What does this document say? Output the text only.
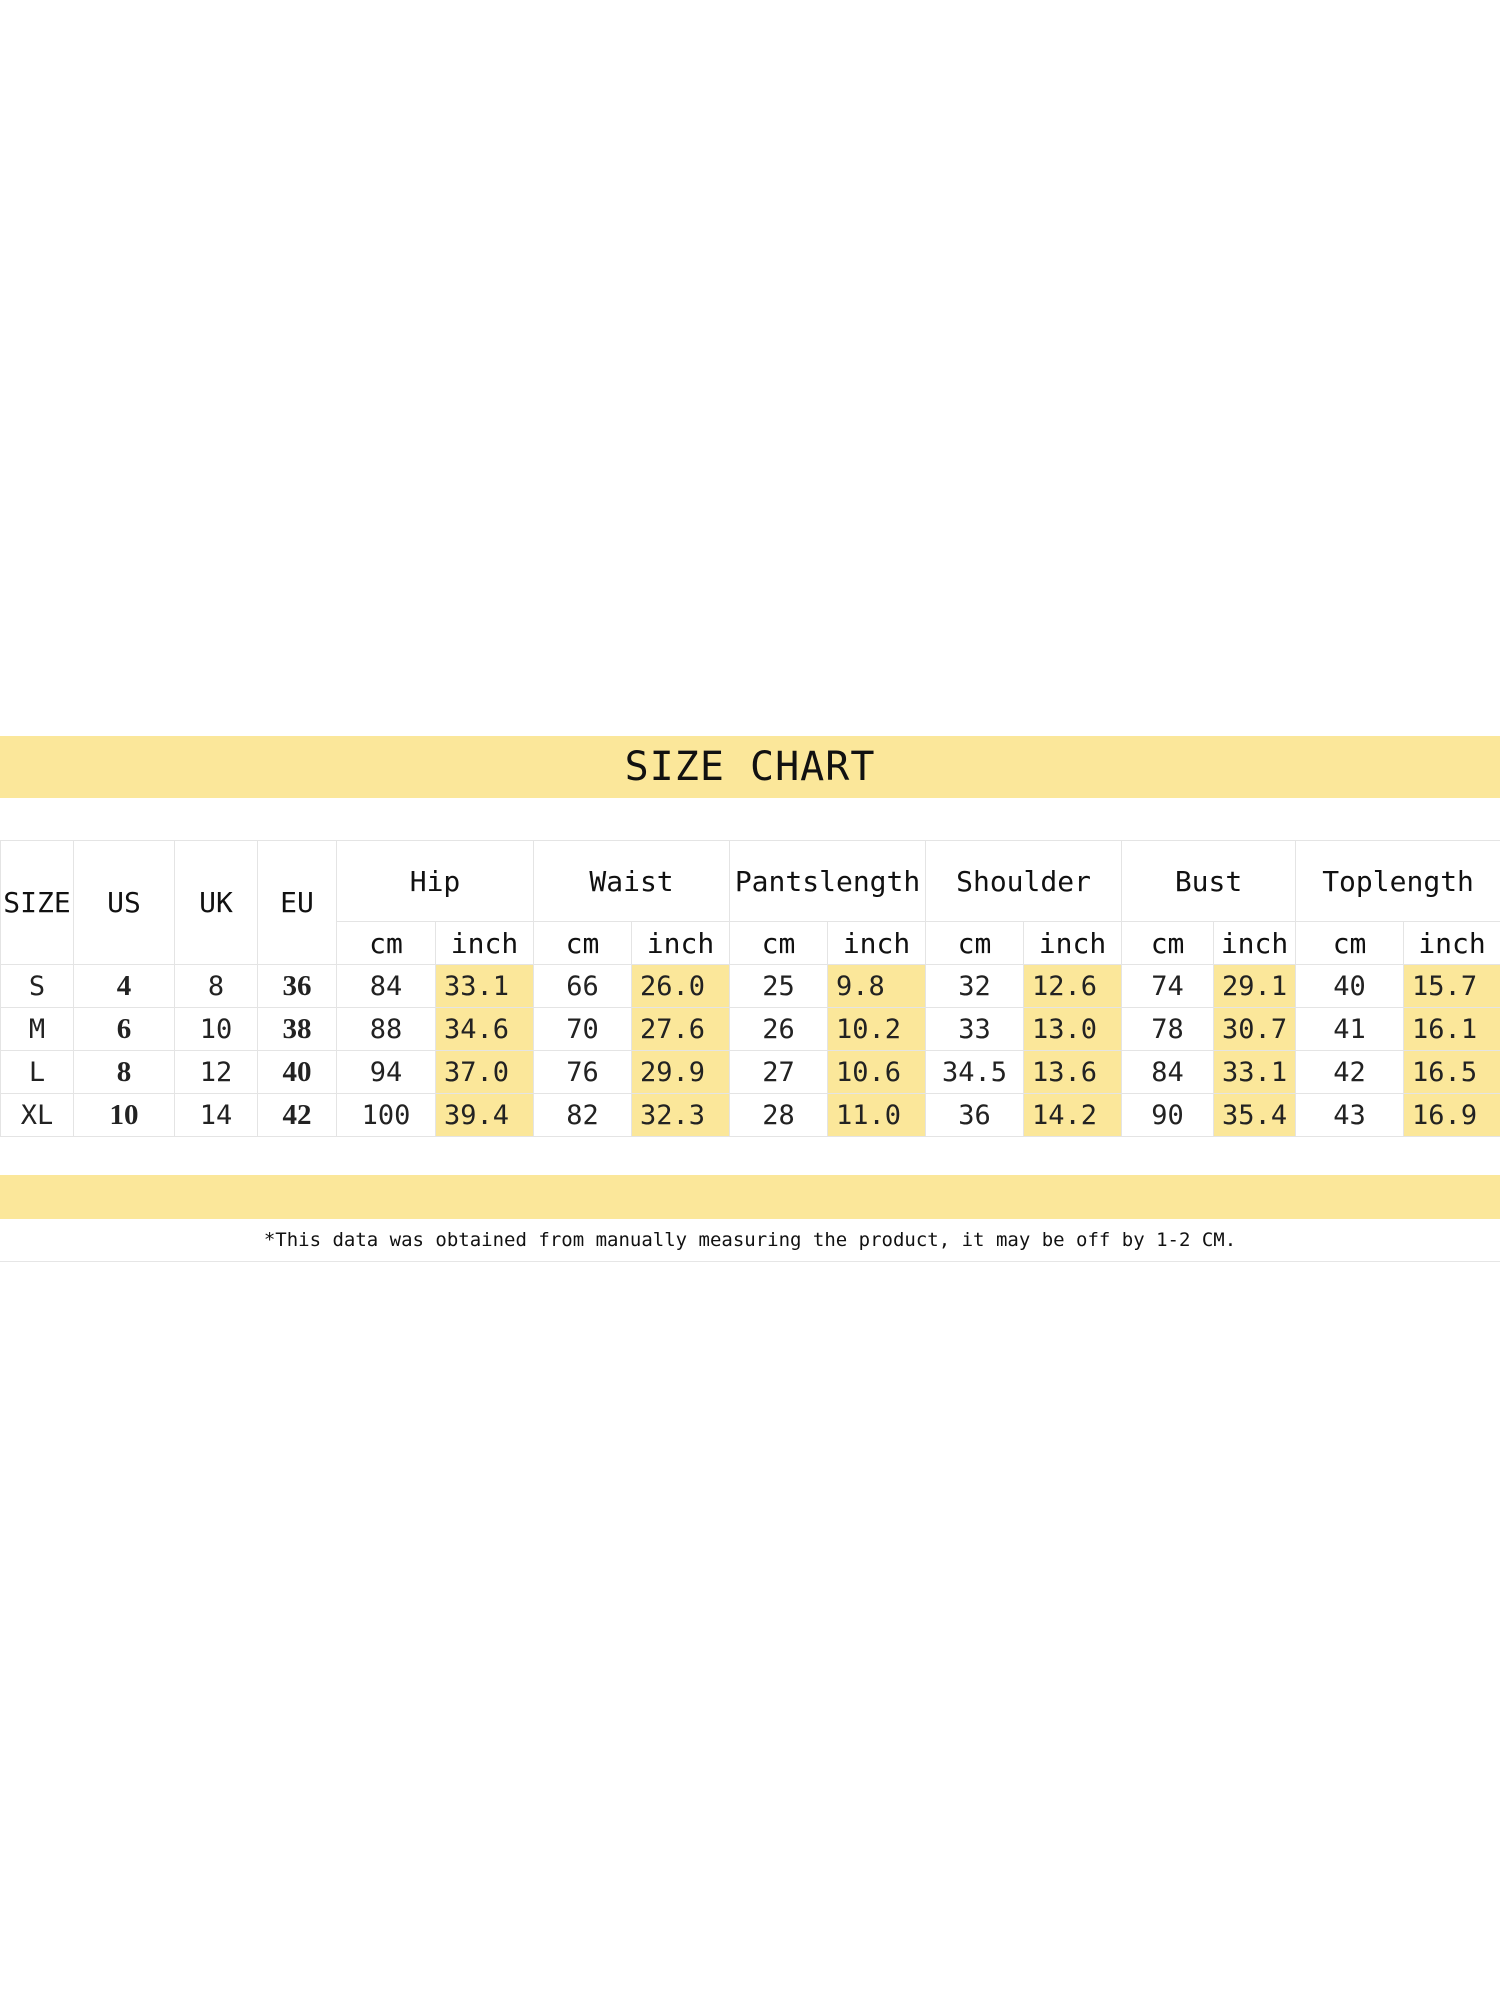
SIZE CHART
SIZE	US	UK	EU	Hip		Waist		Pantslength		Shoulder		Bust		Toplength	
				cm	inch	cm	inch	cm	inch	cm	inch	cm	inch	cm	inch
S	4	8	36	84	33.1	66	26.0	25	9.8	32	12.6	74	29.1	40	15.7
M	6	10	38	88	34.6	70	27.6	26	10.2	33	13.0	78	30.7	41	16.1
L	8	12	40	94	37.0	76	29.9	27	10.6	34.5	13.6	84	33.1	42	16.5
XL	10	14	42	100	39.4	82	32.3	28	11.0	36	14.2	90	35.4	43	16.9
*This data was obtained from manually measuring the product, it may be off by 1-2 CM.
